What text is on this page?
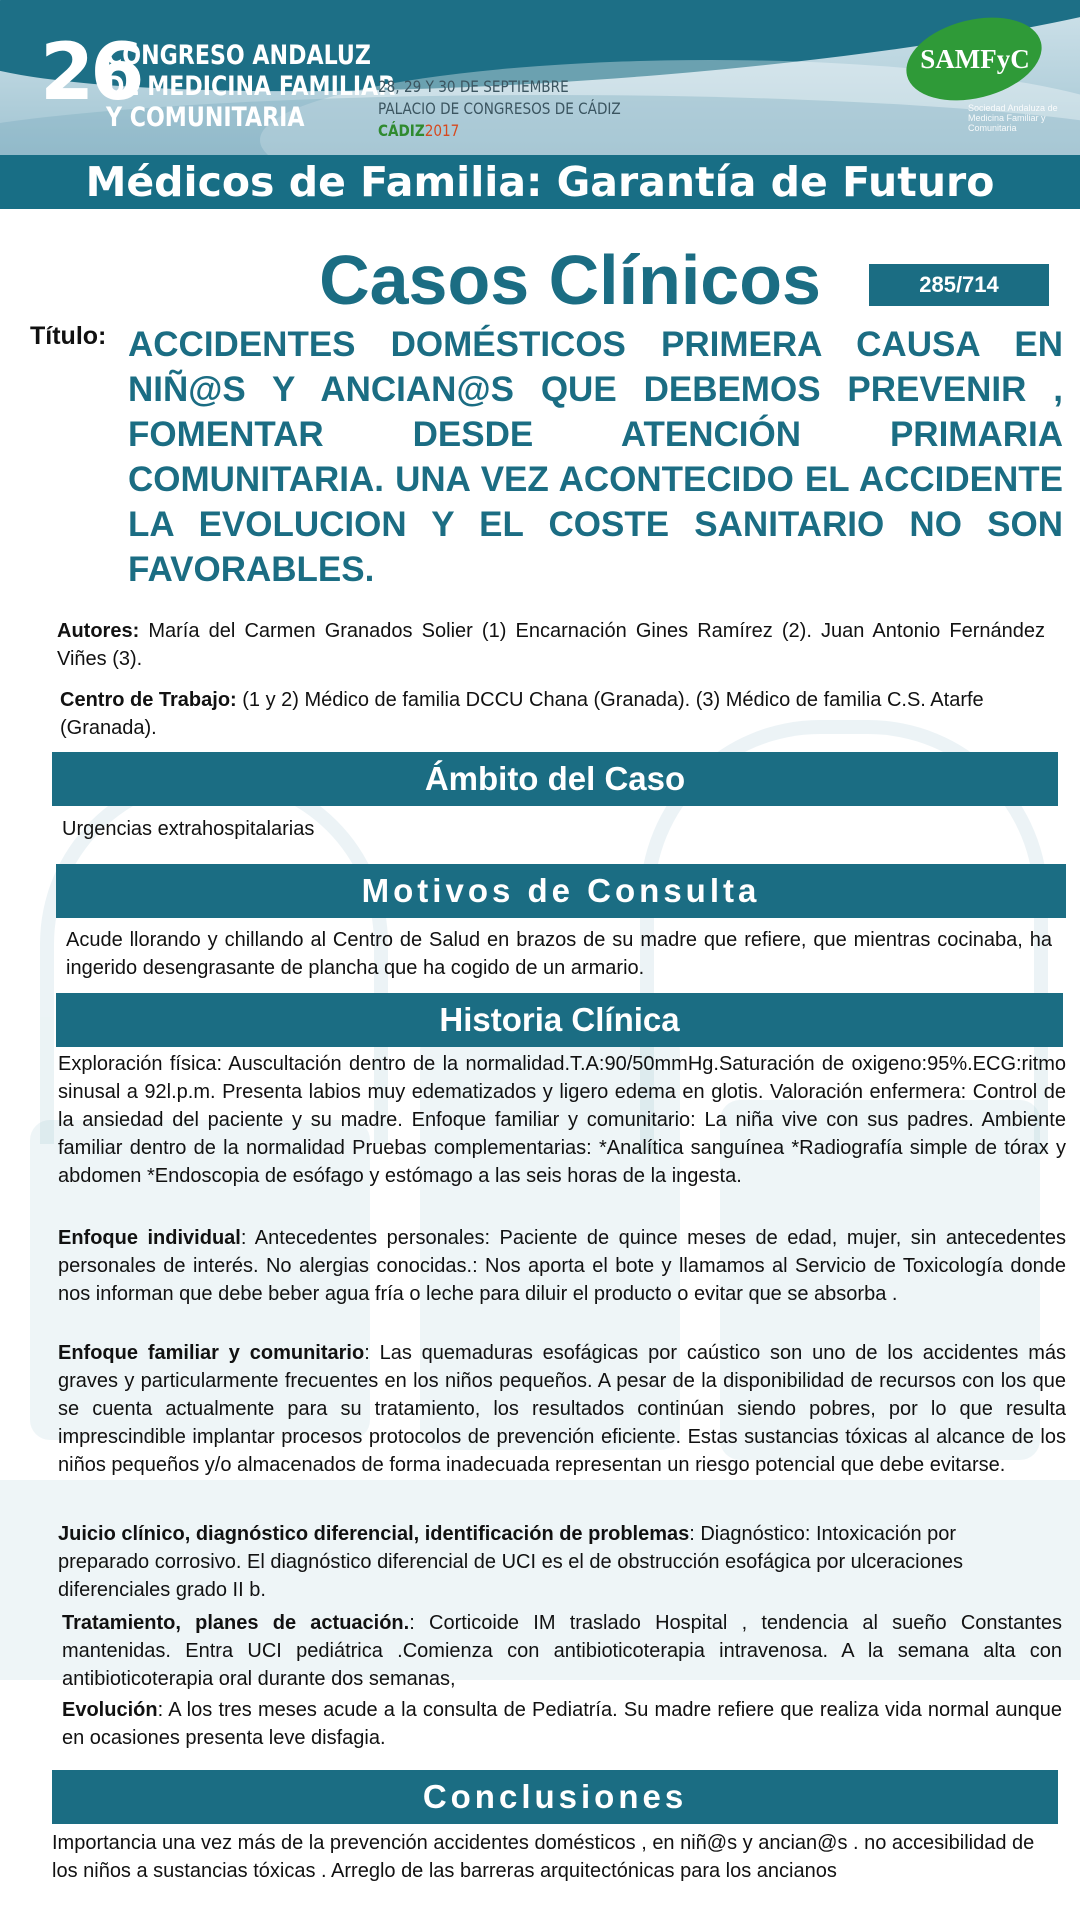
26
CONGRESO ANDALUZ
DE MEDICINA FAMILIAR
Y COMUNITARIA
28, 29 Y 30 DE SEPTIEMBRE
PALACIO DE CONGRESOS DE CÁDIZ
CÁDIZ2017
SAMFyC
Sociedad Andaluza de Medicina Familiar y Comunitaria
Médicos de Familia: Garantía de Futuro
Casos Clínicos	285/714
Título: ACCIDENTES DOMÉSTICOS PRIMERA CAUSA EN NIÑ@S Y ANCIAN@S QUE DEBEMOS PREVENIR , FOMENTAR DESDE ATENCIÓN PRIMARIA COMUNITARIA. UNA VEZ ACONTECIDO EL ACCIDENTE LA EVOLUCION Y EL COSTE SANITARIO NO SON FAVORABLES.
Autores: María del Carmen Granados Solier (1) Encarnación Gines Ramírez (2). Juan Antonio Fernández Viñes (3).
Centro de Trabajo: (1 y 2) Médico de familia DCCU Chana (Granada). (3) Médico de familia C.S. Atarfe (Granada).
Ámbito del Caso
Urgencias extrahospitalarias
Motivos de Consulta
Acude llorando y chillando al Centro de Salud en brazos de su madre que refiere, que mientras cocinaba, ha ingerido desengrasante de plancha que ha cogido de un armario.
Historia Clínica
Exploración física: Auscultación dentro de la normalidad.T.A:90/50mmHg.Saturación de oxigeno:95%.ECG:ritmo sinusal a 92l.p.m. Presenta labios muy edematizados y ligero edema en glotis. Valoración enfermera: Control de la ansiedad del paciente y su madre. Enfoque familiar y comunitario: La niña vive con sus padres. Ambiente familiar dentro de la normalidad Pruebas complementarias: *Analítica sanguínea *Radiografía simple de tórax y abdomen *Endoscopia de esófago y estómago a las seis horas de la ingesta.
Enfoque individual: Antecedentes personales: Paciente de quince meses de edad, mujer, sin antecedentes personales de interés. No alergias conocidas.: Nos aporta el bote y llamamos al Servicio de Toxicología donde nos informan que debe beber agua fría o leche para diluir el producto o evitar que se absorba .
Enfoque familiar y comunitario: Las quemaduras esofágicas por caústico son uno de los accidentes más graves y particularmente frecuentes en los niños pequeños. A pesar de la disponibilidad de recursos con los que se cuenta actualmente para su tratamiento, los resultados continúan siendo pobres, por lo que resulta imprescindible implantar procesos protocolos de prevención eficiente. Estas sustancias tóxicas al alcance de los niños pequeños y/o almacenados de forma inadecuada representan un riesgo potencial que debe evitarse.
Juicio clínico, diagnóstico diferencial, identificación de problemas: Diagnóstico: Intoxicación por preparado corrosivo. El diagnóstico diferencial de UCI es el de obstrucción esofágica por ulceraciones diferenciales grado II b.
Tratamiento, planes de actuación.: Corticoide IM traslado Hospital , tendencia al sueño Constantes mantenidas. Entra UCI pediátrica .Comienza con antibioticoterapia intravenosa. A la semana alta con antibioticoterapia oral durante dos semanas,
Evolución: A los tres meses acude a la consulta de Pediatría. Su madre refiere que realiza vida normal aunque en ocasiones presenta leve disfagia.
Conclusiones
Importancia una vez más de la prevención accidentes domésticos , en niñ@s y ancian@s . no accesibilidad de los niños a sustancias tóxicas . Arreglo de las barreras arquitectónicas para los ancianos
